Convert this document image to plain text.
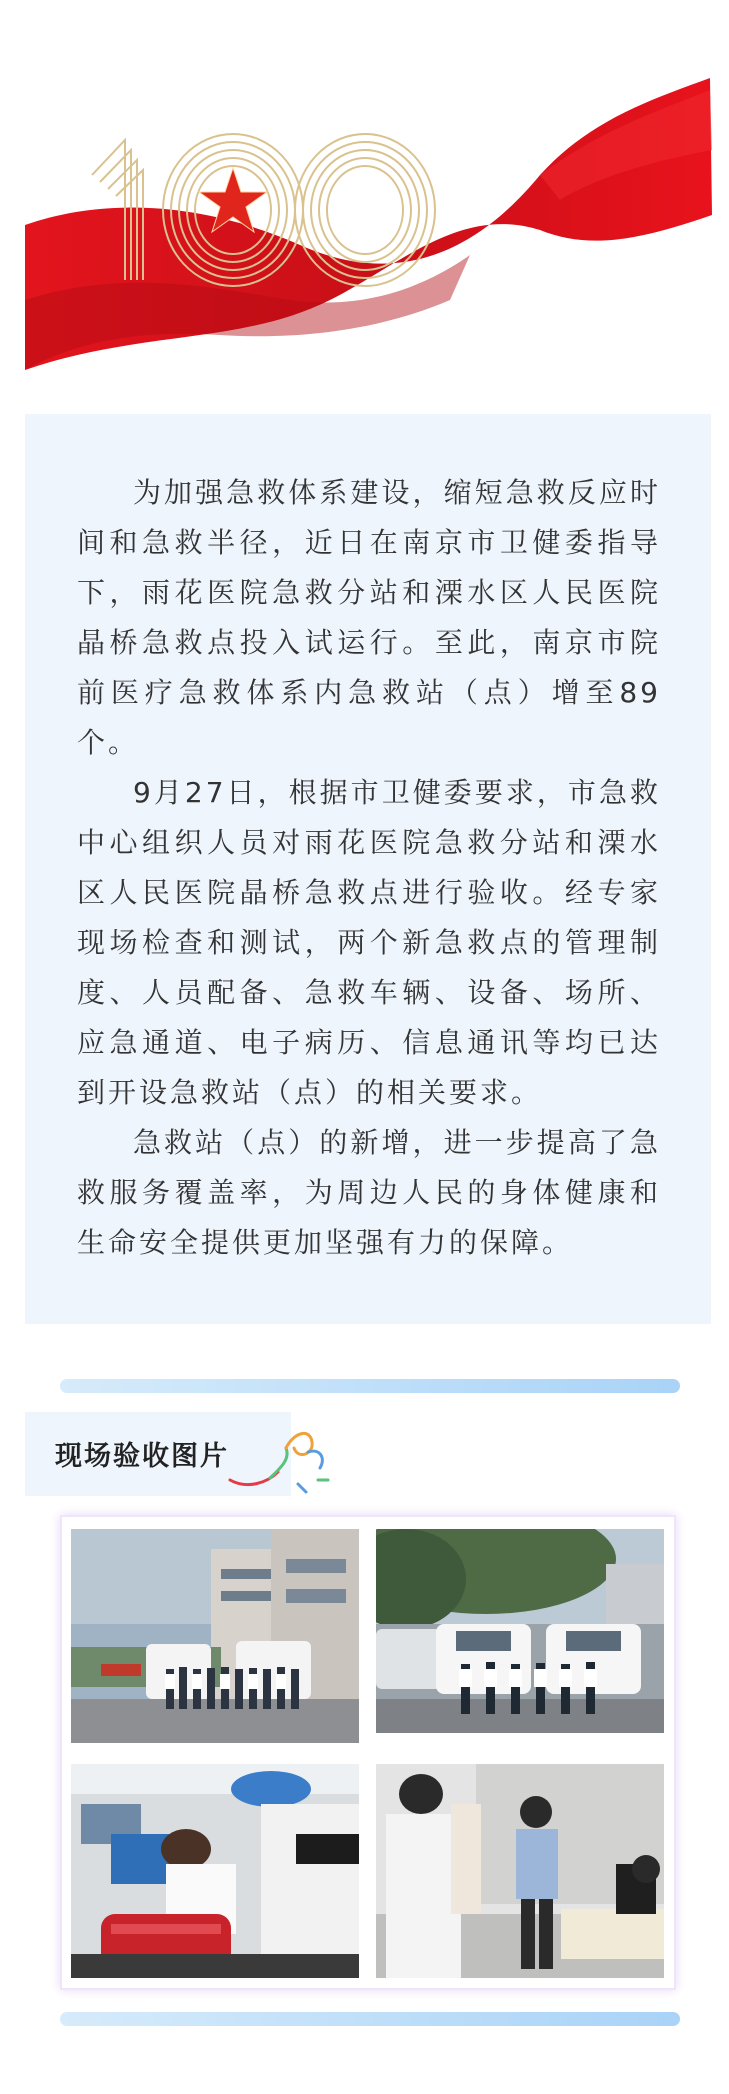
为加强急救体系建设，缩短急救反应时间和急救半径，近日在南京市卫健委指导下，雨花医院急救分站和溧水区人民医院晶桥急救点投入试运行。至此，南京市院前医疗急救体系内急救站（点）增至89个。

9月27日，根据市卫健委要求，市急救中心组织人员对雨花医院急救分站和溧水区人民医院晶桥急救点进行验收。经专家现场检查和测试，两个新急救点的管理制度、人员配备、急救车辆、设备、场所、应急通道、电子病历、信息通讯等均已达到开设急救站（点）的相关要求。

急救站（点）的新增，进一步提高了急救服务覆盖率，为周边人民的身体健康和生命安全提供更加坚强有力的保障。

现场验收图片
